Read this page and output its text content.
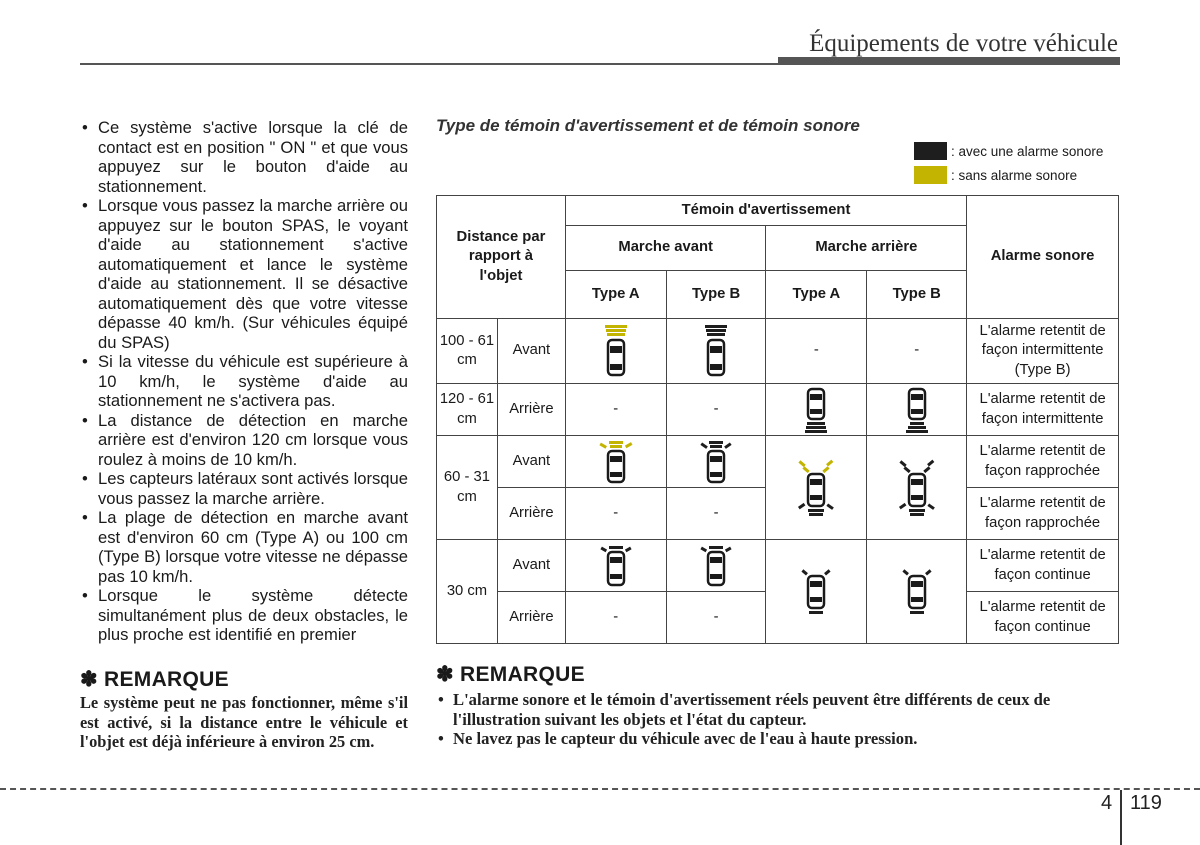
Équipements de votre véhicule
• Ce système s'active lorsque la clé de contact est en position " ON " et que vous appuyez sur le bouton d'aide au stationnement.
• Lorsque vous passez la marche arrière ou appuyez sur le bouton SPAS, le voyant d'aide au stationnement s'active automatiquement et lance le système d'aide au stationnement. Il se désactive automatiquement dès que votre vitesse dépasse 40 km/h. (Sur véhicules équipé du SPAS)
• Si la vitesse du véhicule est supérieure à 10 km/h, le système d'aide au stationnement ne s'activera pas.
• La distance de détection en marche arrière est d'environ 120 cm lorsque vous roulez à moins de 10 km/h.
• Les capteurs latéraux sont activés lorsque vous passez la marche arrière.
• La plage de détection en marche avant est d'environ 60 cm (Type A) ou 100 cm (Type B) lorsque votre vitesse ne dépasse pas 10 km/h.
• Lorsque le système détecte simultanément plus de deux obstacles, le plus proche est identifié en premier
✽ REMARQUE
Le système peut ne pas fonctionner, même s'il est activé, si la distance entre le véhicule et l'objet est déjà inférieure à environ 25 cm.
Type de témoin d'avertissement et de témoin sonore
: avec une alarme sonore
: sans alarme sonore
Distance par rapport à l'objet		Témoin d'avertissement				Alarme sonore
		Marche avant		Marche arrière		
		Type A	Type B	Type A	Type B	
100 - 61 cm	Avant			-	-	L'alarme retentit de façon intermittente (Type B)
120 - 61 cm	Arrière	-	-			L'alarme retentit de façon intermittente
60 - 31 cm	Avant					L'alarme retentit de façon rapprochée
	Arrière	-	-			L'alarme retentit de façon rapprochée
30 cm	Avant					L'alarme retentit de façon continue
	Arrière	-	-			L'alarme retentit de façon continue
✽ REMARQUE
• L'alarme sonore et le témoin d'avertissement réels peuvent être différents de ceux de l'illustration suivant les objets et l'état du capteur.
• Ne lavez pas le capteur du véhicule avec de l'eau à haute pression.
4 119
